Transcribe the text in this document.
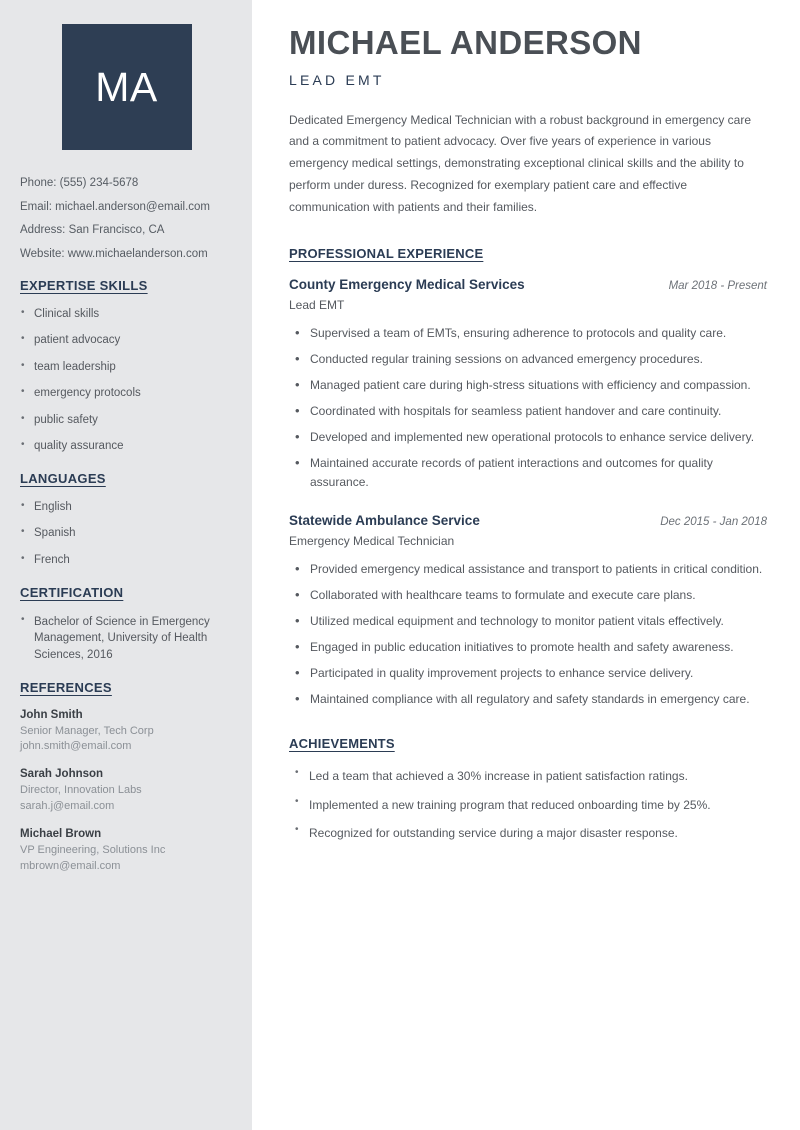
MA
Phone: (555) 234-5678
Email: michael.anderson@email.com
Address: San Francisco, CA
Website: www.michaelanderson.com
EXPERTISE SKILLS
• Clinical skills
• patient advocacy
• team leadership
• emergency protocols
• public safety
• quality assurance
LANGUAGES
• English
• Spanish
• French
CERTIFICATION
• Bachelor of Science in Emergency Management, University of Health Sciences, 2016
REFERENCES
John Smith
Senior Manager, Tech Corp
john.smith@email.com
Sarah Johnson
Director, Innovation Labs
sarah.j@email.com
Michael Brown
VP Engineering, Solutions Inc
mbrown@email.com
MICHAEL ANDERSON
LEAD EMT

Dedicated Emergency Medical Technician with a robust background in emergency care and a commitment to patient advocacy. Over five years of experience in various emergency medical settings, demonstrating exceptional clinical skills and the ability to perform under duress. Recognized for exemplary patient care and effective communication with patients and their families.

PROFESSIONAL EXPERIENCE
County Emergency Medical Services	Mar 2018 - Present
Lead EMT
• Supervised a team of EMTs, ensuring adherence to protocols and quality care.
• Conducted regular training sessions on advanced emergency procedures.
• Managed patient care during high-stress situations with efficiency and compassion.
• Coordinated with hospitals for seamless patient handover and care continuity.
• Developed and implemented new operational protocols to enhance service delivery.
• Maintained accurate records of patient interactions and outcomes for quality assurance.
Statewide Ambulance Service	Dec 2015 - Jan 2018
Emergency Medical Technician
• Provided emergency medical assistance and transport to patients in critical condition.
• Collaborated with healthcare teams to formulate and execute care plans.
• Utilized medical equipment and technology to monitor patient vitals effectively.
• Engaged in public education initiatives to promote health and safety awareness.
• Participated in quality improvement projects to enhance service delivery.
• Maintained compliance with all regulatory and safety standards in emergency care.
ACHIEVEMENTS
• Led a team that achieved a 30% increase in patient satisfaction ratings.
• Implemented a new training program that reduced onboarding time by 25%.
• Recognized for outstanding service during a major disaster response.
